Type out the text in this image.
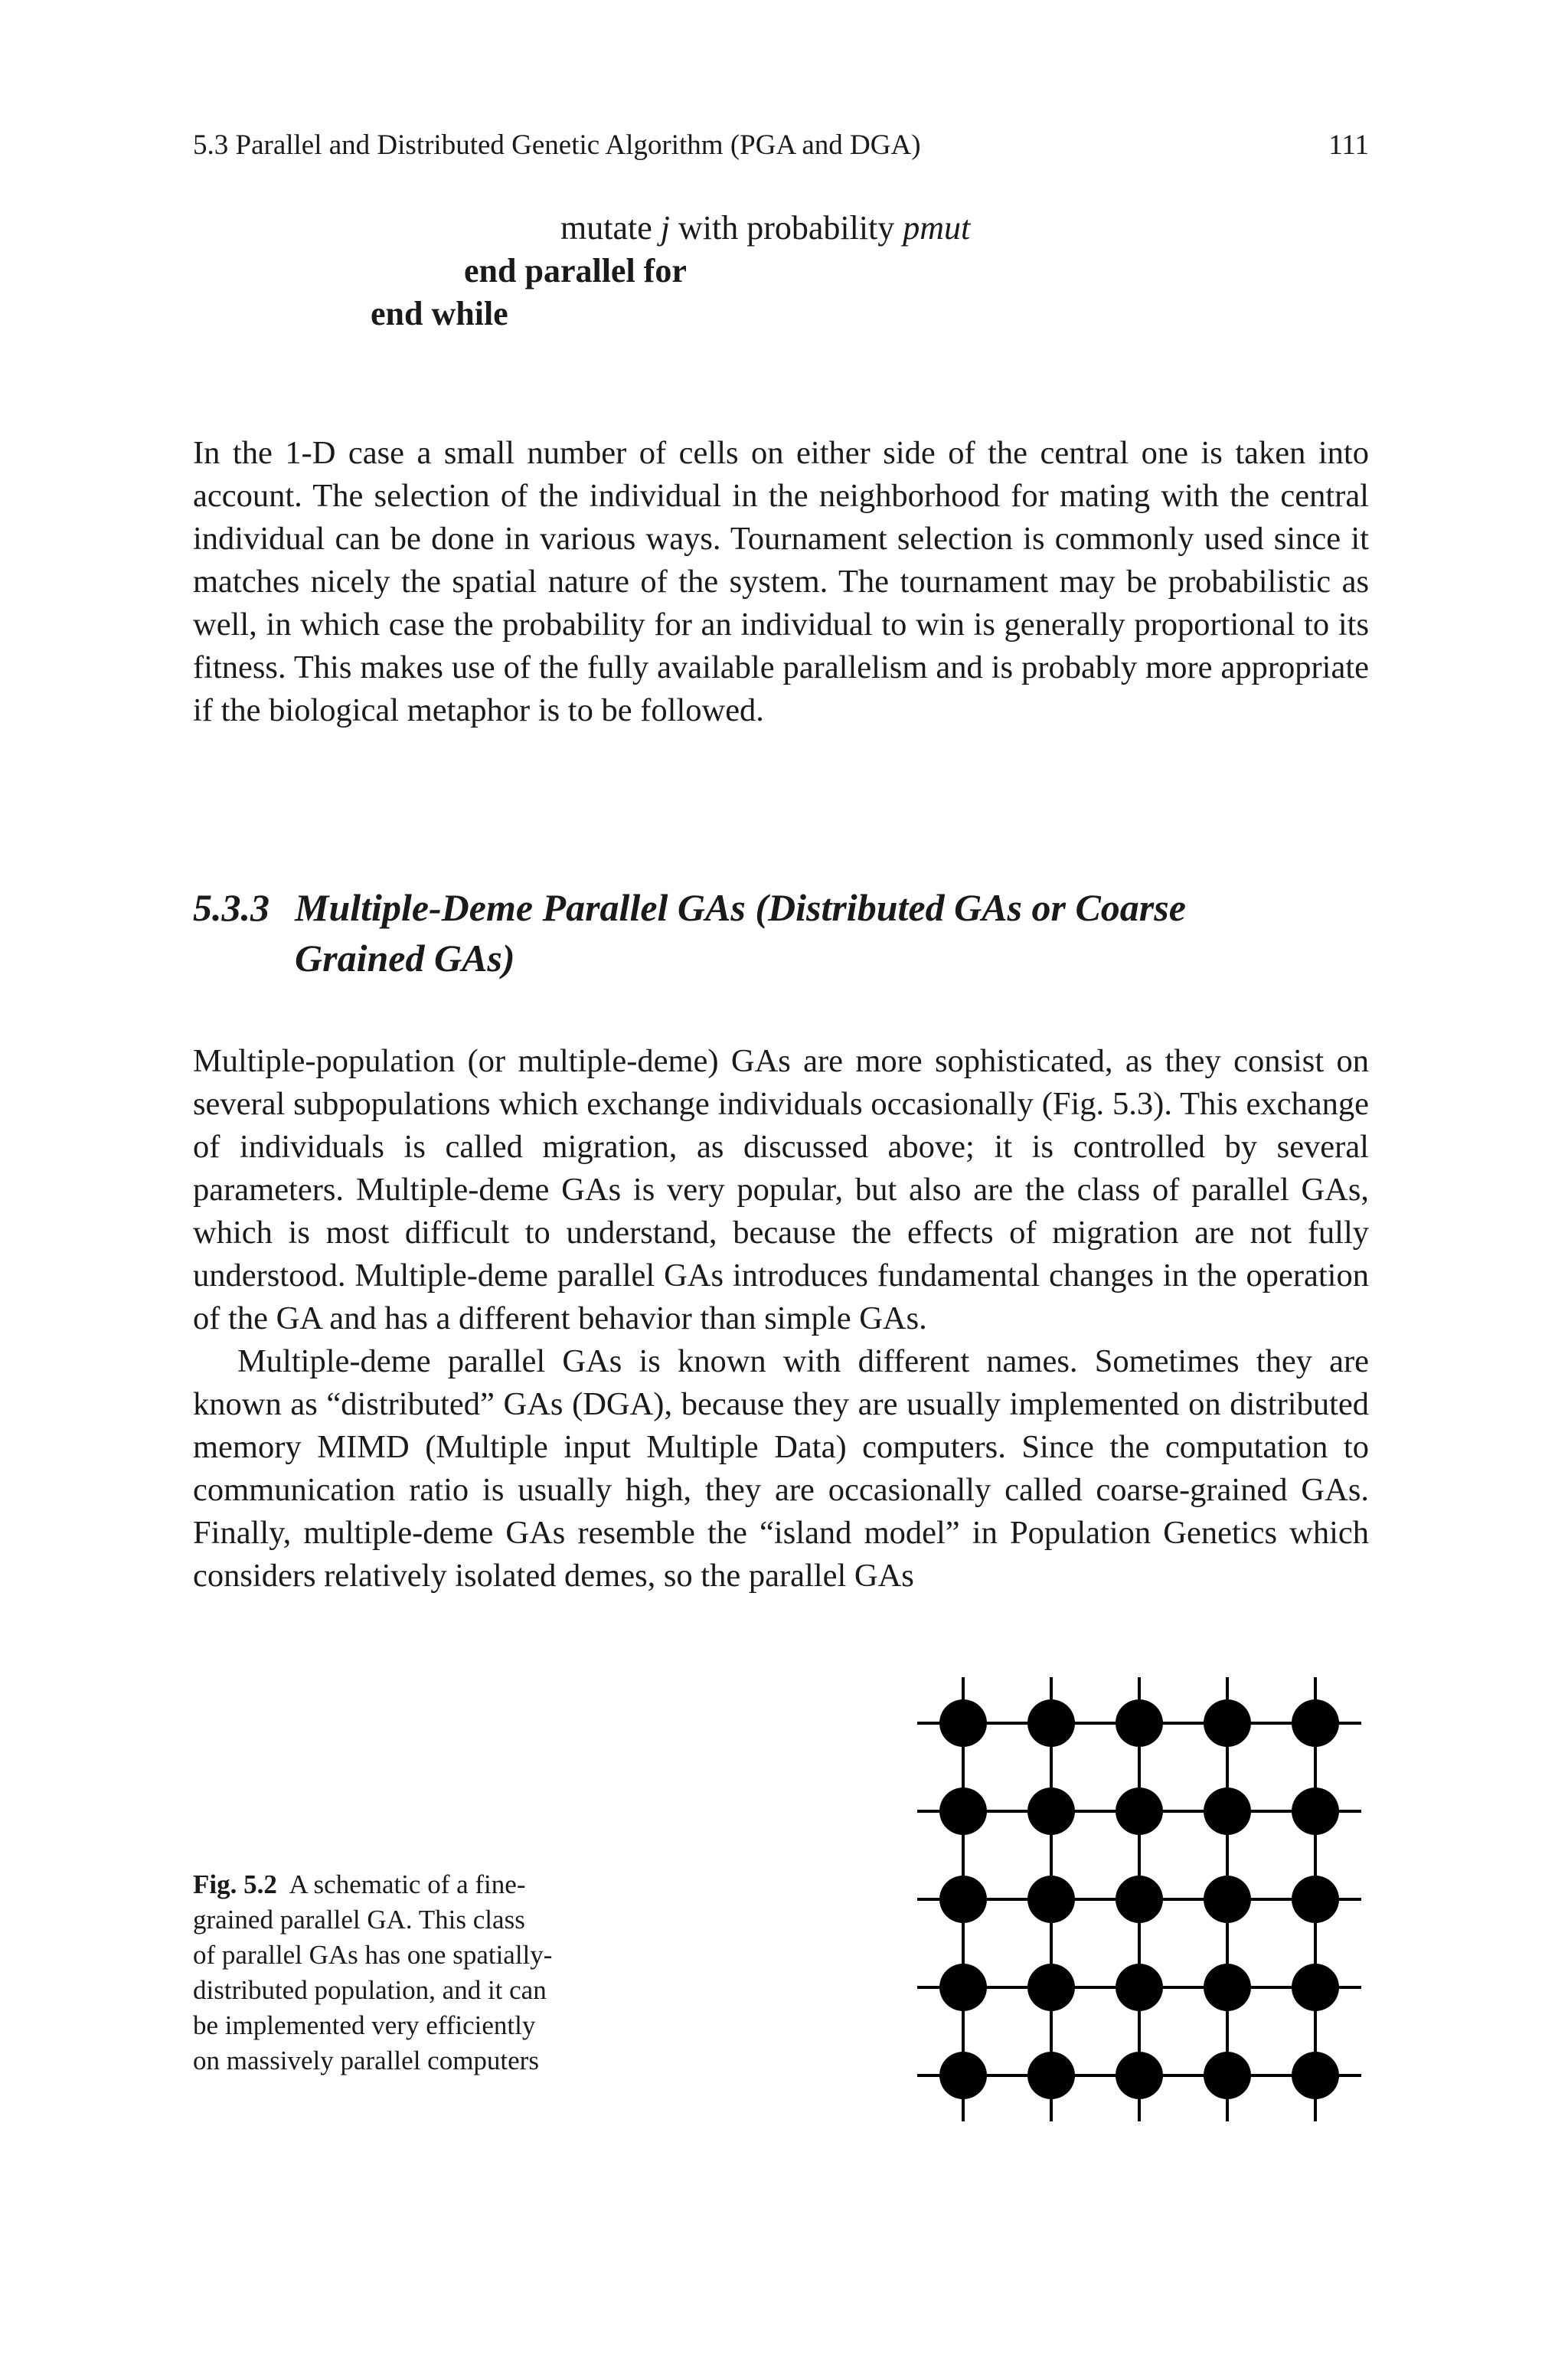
5.3 Parallel and Distributed Genetic Algorithm (PGA and DGA)	111
mutate j with probability pmut
end parallel for
end while

In the 1-D case a small number of cells on either side of the central one is taken into account. The selection of the individual in the neighborhood for mating with the central individual can be done in various ways. Tournament selection is commonly used since it matches nicely the spatial nature of the system. The tournament may be probabilistic as well, in which case the probability for an individual to win is generally proportional to its fitness. This makes use of the fully available parallelism and is probably more appropriate if the biological metaphor is to be followed.

5.3.3 Multiple-Deme Parallel GAs (Distributed GAs or Coarse
Grained GAs)

Multiple-population (or multiple-deme) GAs are more sophisticated, as they consist on several subpopulations which exchange individuals occasionally (Fig. 5.3). This exchange of individuals is called migration, as discussed above; it is controlled by several parameters. Multiple-deme GAs is very popular, but also are the class of parallel GAs, which is most difficult to understand, because the effects of migration are not fully understood. Multiple-deme parallel GAs introduces fundamental changes in the operation of the GA and has a different behavior than simple GAs.

Multiple-deme parallel GAs is known with different names. Sometimes they are known as “distributed” GAs (DGA), because they are usually implemented on distributed memory MIMD (Multiple input Multiple Data) computers. Since the computation to communication ratio is usually high, they are occasionally called coarse-grained GAs. Finally, multiple-deme GAs resemble the “island model” in Population Genetics which considers relatively isolated demes, so the parallel GAs

Fig. 5.2 A schematic of a fine-grained parallel GA. This class of parallel GAs has one spatially-distributed population, and it can be implemented very efficiently on massively parallel computers
